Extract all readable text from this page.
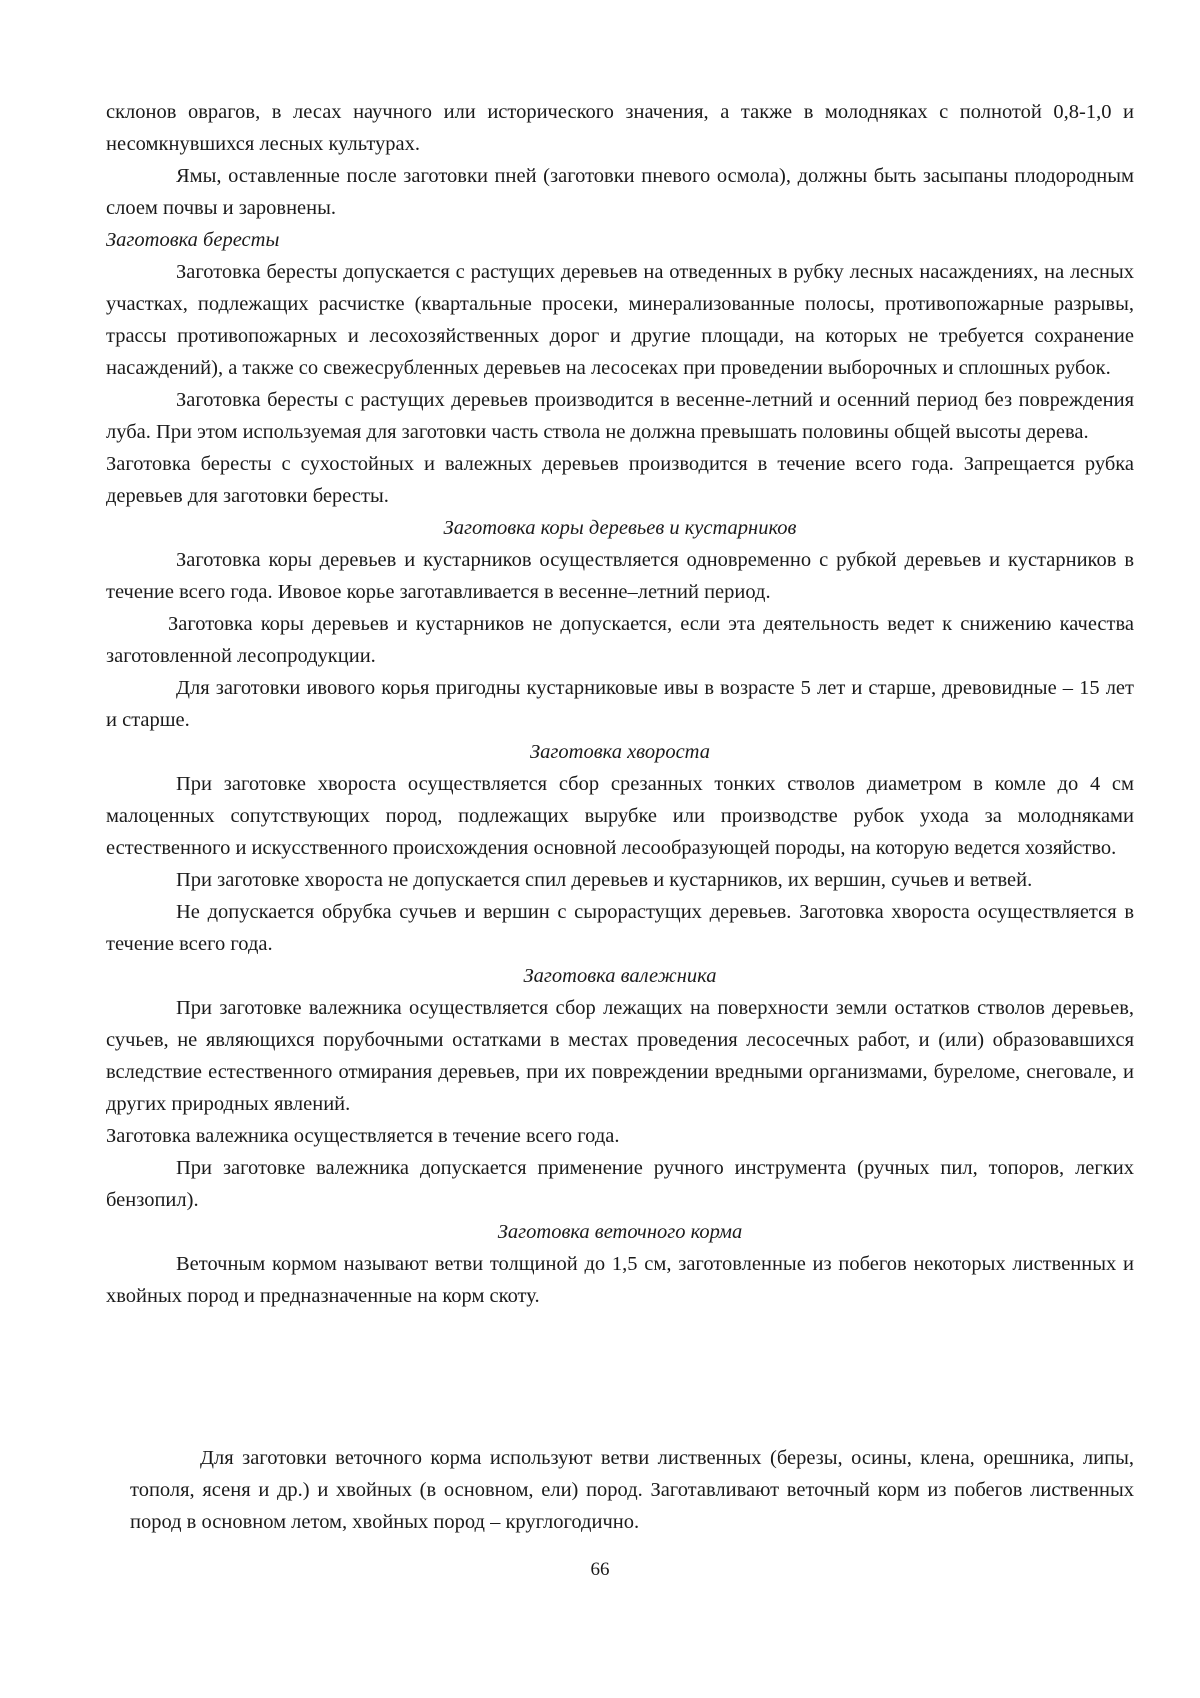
склонов оврагов, в лесах научного или исторического значения, а также в молодняках с полнотой 0,8-1,0 и несомкнувшихся лесных культурах.

Ямы, оставленные после заготовки пней (заготовки пневого осмола), должны быть засыпаны плодородным слоем почвы и заровнены.

Заготовка бересты

Заготовка бересты допускается с растущих деревьев на отведенных в рубку лесных насаждениях, на лесных участках, подлежащих расчистке (квартальные просеки, минерализованные полосы, противопожарные разрывы, трассы противопожарных и лесохозяйственных дорог и другие площади, на которых не требуется сохранение насаждений), а также со свежесрубленных деревьев на лесосеках при проведении выборочных и сплошных рубок.

Заготовка бересты с растущих деревьев производится в весенне-летний и осенний период без повреждения луба. При этом используемая для заготовки часть ствола не должна превышать половины общей высоты дерева.

Заготовка бересты с сухостойных и валежных деревьев производится в течение всего года. Запрещается рубка деревьев для заготовки бересты.

Заготовка коры деревьев и кустарников

Заготовка коры деревьев и кустарников осуществляется одновременно с рубкой деревьев и кустарников в течение всего года. Ивовое корье заготавливается в весенне–летний период.

Заготовка коры деревьев и кустарников не допускается, если эта деятельность ведет к снижению качества заготовленной лесопродукции.

Для заготовки ивового корья пригодны кустарниковые ивы в возрасте 5 лет и старше, древовидные – 15 лет и старше.

Заготовка хвороста

При заготовке хвороста осуществляется сбор срезанных тонких стволов диаметром в комле до 4 см малоценных сопутствующих пород, подлежащих вырубке или производстве рубок ухода за молодняками естественного и искусственного происхождения основной лесообразующей породы, на которую ведется хозяйство.

При заготовке хвороста не допускается спил деревьев и кустарников, их вершин, сучьев и ветвей.

Не допускается обрубка сучьев и вершин с сырорастущих деревьев. Заготовка хвороста осуществляется в течение всего года.

Заготовка валежника

При заготовке валежника осуществляется сбор лежащих на поверхности земли остатков стволов деревьев, сучьев, не являющихся порубочными остатками в местах проведения лесосечных работ, и (или) образовавшихся вследствие естественного отмирания деревьев, при их повреждении вредными организмами, буреломе, снеговале, и других природных явлений.

Заготовка валежника осуществляется в течение всего года.

При заготовке валежника допускается применение ручного инструмента (ручных пил, топоров, легких бензопил).

Заготовка веточного корма

Веточным кормом называют ветви толщиной до 1,5 см, заготовленные из побегов некоторых лиственных и хвойных пород и предназначенные на корм скоту.

Для заготовки веточного корма используют ветви лиственных (березы, осины, клена, орешника, липы, тополя, ясеня и др.) и хвойных (в основном, ели) пород. Заготавливают веточный корм из побегов лиственных пород в основном летом, хвойных пород – круглогодично.

66
